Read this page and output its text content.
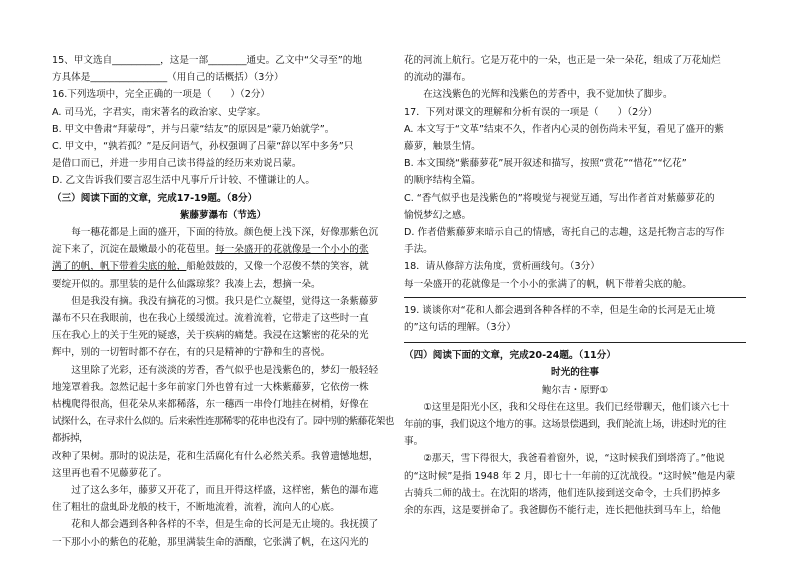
15、甲文选自__________，这是一部________通史。乙文中“父寻至”的地

方具体是________________（用自己的话概括）（3分）

16.下列选项中，完全正确的一项是（　　）（2分）

A. 司马光，字君实，南宋著名的政治家、史学家。

B. 甲文中鲁肃“拜蒙母”，并与吕蒙“结友”的原因是“蒙乃始就学”。

C. 甲文中，“孰若孤？”是反问语气，孙权强调了吕蒙“辞以军中多务”只

是借口而已，并进一步用自己读书得益的经历来劝说吕蒙。

D. 乙文告诉我们要言忍生活中凡事斤斤计较、不懂谦让的人。

（三）阅读下面的文章，完成17-19题。（8分）

紫藤萝瀑布（节选）

每一穗花都是上面的盛开，下面的待放。颜色便上浅下深，好像那紫色沉

淀下来了，沉淀在最嫩最小的花苞里。每一朵盛开的花就像是一个小小的张

满了的帆，帆下带着尖底的舱，船舱鼓鼓的，又像一个忍俊不禁的笑容，就

要绽开似的。那里装的是什么仙露琼浆？我凑上去，想摘一朵。

但是我没有摘。我没有摘花的习惯。我只是伫立凝望，觉得这一条紫藤萝

瀑布不只在我眼前，也在我心上缓缓流过。流着流着，它带走了这些时一直

压在我心上的关于生死的疑惑，关于疾病的痛楚。我浸在这繁密的花朵的光

辉中，别的一切暂时都不存在，有的只是精神的宁静和生的喜悦。

这里除了光彩，还有淡淡的芳香，香气似乎也是浅紫色的，梦幻一般轻轻

地笼罩着我。忽然记起十多年前家门外也曾有过一大株紫藤萝，它依傍一株

枯槐爬得很高，但花朵从来都稀落，东一穗西一串伶仃地挂在树梢，好像在

试探什么，在寻求什么似的。后来索性连那稀零的花串也没有了。园中别的紫藤花架也都拆掉，

改种了果树。那时的说法是，花和生活腐化有什么必然关系。我曾遗憾地想，

这里再也看不见藤萝花了。

过了这么多年，藤萝又开花了，而且开得这样盛，这样密，紫色的瀑布遮

住了粗壮的盘虬卧龙般的枝干，不断地流着，流着，流向人的心底。

花和人都会遇到各种各样的不幸，但是生命的长河是无止境的。我抚摸了

一下那小小的紫色的花舱，那里满装生命的酒酿，它张满了帆，在这闪光的

花的河流上航行。它是万花中的一朵，也正是一朵一朵花，组成了万花灿烂

的流动的瀑布。

在这浅紫色的光辉和浅紫色的芳香中，我不觉加快了脚步。

17．下列对课文的理解和分析有误的一项是（　　）（2分）

A. 本文写于“文革”结束不久，作者内心灵的创伤尚未平复，看见了盛开的紫

藤萝，触景生情。

B. 本文围绕“紫藤萝花”展开叙述和描写，按照“赏花”“惜花”“忆花”

的顺序结构全篇。

C. “香气似乎也是浅紫色的”将嗅觉与视觉互通，写出作者首对紫藤萝花的

愉悦梦幻之感。

D. 作者借紫藤萝来暗示自己的情感，寄托自己的志趣，这是托物言志的写作

手法。

18．请从修辞方法角度，赏析画线句。（3分）

每一朵盛开的花就像是一个小小的张满了的帆，帆下带着尖底的舱。

19. 谈谈你对“花和人都会遇到各种各样的不幸，但是生命的长河是无止境

的”这句话的理解。（3分）

（四）阅读下面的文章，完成20-24题。（11分）

时光的往事

鲍尔吉・原野①

①这里是阳光小区，我和父母住在这里。我们已经带聊天，他们谈六七十

年前的事，我们说这个地方的事。这场景偿遇到，我们轮流上场，讲述时光的往

事。

②那天，雪下得很大，我爸看着窗外，说，“这时候我们到塔湾了。”他说

的“这时候”是指 1948 年 2 月，即七十一年前的辽沈战役。“这时候”他是内蒙

古骑兵二师的战士。在沈阳的塔湾，他们连队接到送交命令，士兵们扔掉多

余的东西，这是要拼命了。我爸脚伤不能行走，连长把他扶到马车上，给他
